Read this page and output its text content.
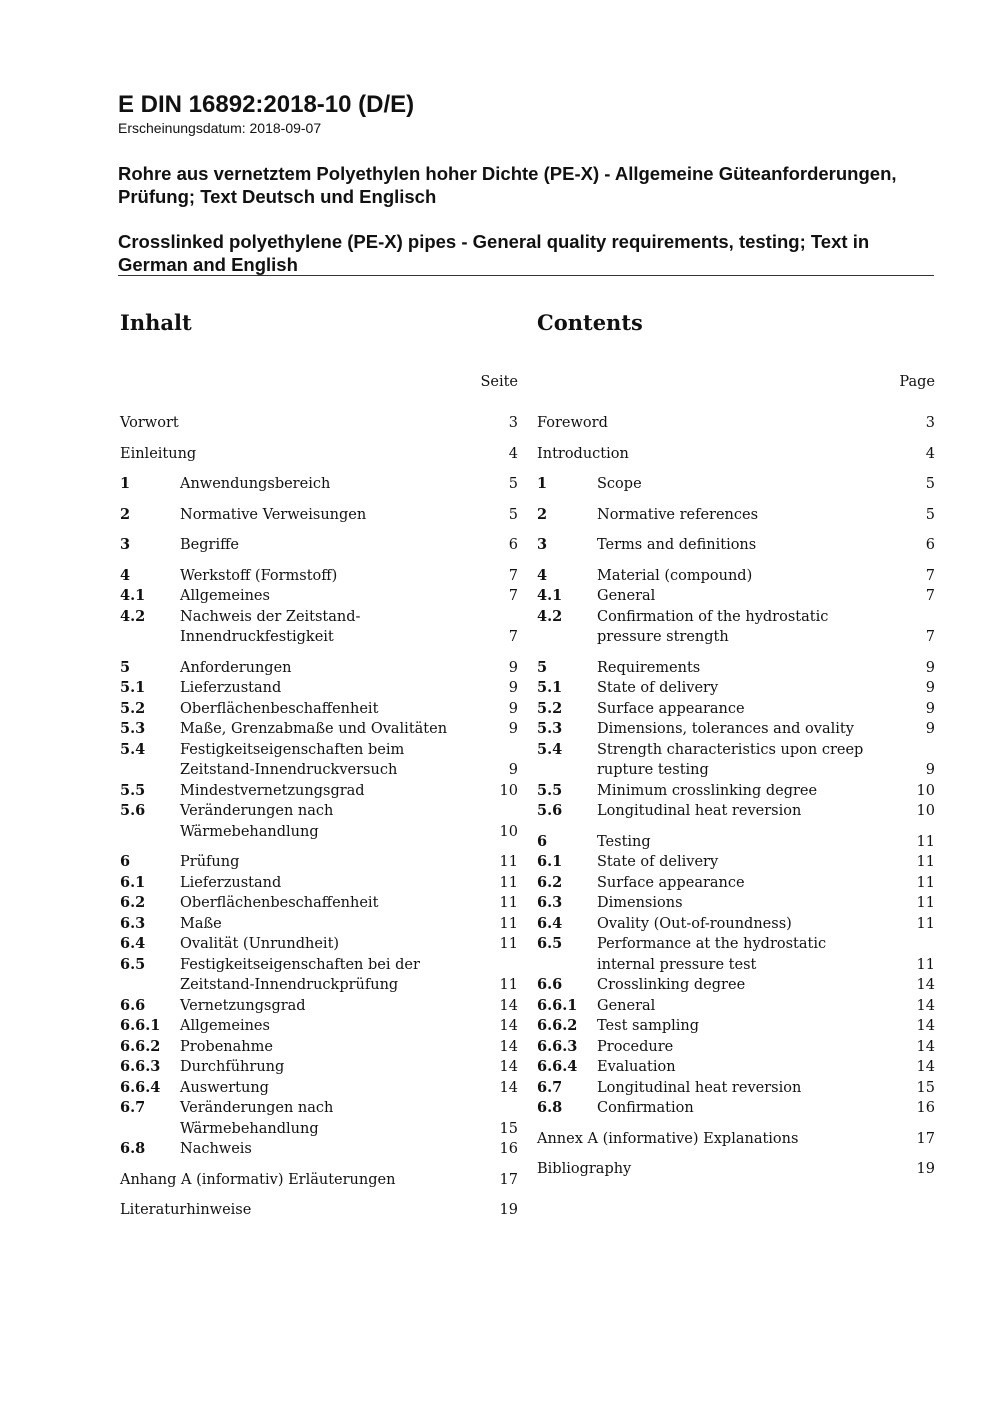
E DIN 16892:2018-10 (D/E)

Erscheinungsdatum: 2018-09-07

Rohre aus vernetztem Polyethylen hoher Dichte (PE-X) - Allgemeine Güteanforderungen, Prüfung; Text Deutsch und Englisch

Crosslinked polyethylene (PE-X) pipes - General quality requirements, testing; Text in German and English

Inhalt
Seite
Vorwort .....	3
Einleitung .....	4
1	Anwendungsbereich .....	5
2	Normative Verweisungen .....	5
3	Begriffe .....	6
4	Werkstoff (Formstoff) .....	7
4.1 Allgemeines .....	7
4.2 Nachweis der Zeitstand-
Innendruckfestigkeit .....	7
5	Anforderungen .....	9
5.1 Lieferzustand .....	9
5.2 Oberflächenbeschaffenheit .....	9
5.3 Maße, Grenzabmaße und Ovalitäten .....	9
5.4 Festigkeitseigenschaften beim
Zeitstand-Innendruckversuch .....	9
5.5 Mindestvernetzungsgrad .....	10
5.6 Veränderungen nach
Wärmebehandlung .....	10
6	Prüfung .....	11
6.1 Lieferzustand .....	11
6.2 Oberflächenbeschaffenheit .....	11
6.3 Maße .....	11
6.4 Ovalität (Unrundheit) .....	11
6.5 Festigkeitseigenschaften bei der
Zeitstand-Innendruckprüfung .....	11
6.6 Vernetzungsgrad .....	14
6.6.1 Allgemeines .....	14
6.6.2 Probenahme .....	14
6.6.3 Durchführung .....	14
6.6.4 Auswertung .....	14
6.7 Veränderungen nach
Wärmebehandlung .....	15
6.8 Nachweis .....	16
Anhang A (informativ) Erläuterungen .....	17
Literaturhinweise .....	19
Contents
Page
Foreword .....	3
Introduction .....	4
1	Scope .....	5
2	Normative references .....	5
3	Terms and definitions .....	6
4	Material (compound) .....	7
4.1 General .....	7
4.2 Confirmation of the hydrostatic
pressure strength .....	7
5	Requirements .....	9
5.1 State of delivery .....	9
5.2 Surface appearance .....	9
5.3 Dimensions, tolerances and ovality .....	9
5.4 Strength characteristics upon creep
rupture testing .....	9
5.5 Minimum crosslinking degree .....	10
5.6 Longitudinal heat reversion .....	10
6	Testing .....	11
6.1 State of delivery .....	11
6.2 Surface appearance .....	11
6.3 Dimensions .....	11
6.4 Ovality (Out-of-roundness) .....	11
6.5 Performance at the hydrostatic
internal pressure test .....	11
6.6 Crosslinking degree .....	14
6.6.1 General .....	14
6.6.2 Test sampling .....	14
6.6.3 Procedure .....	14
6.6.4 Evaluation .....	14
6.7 Longitudinal heat reversion .....	15
6.8 Confirmation .....	16
Annex A (informative) Explanations .....	17
Bibliography .....	19
